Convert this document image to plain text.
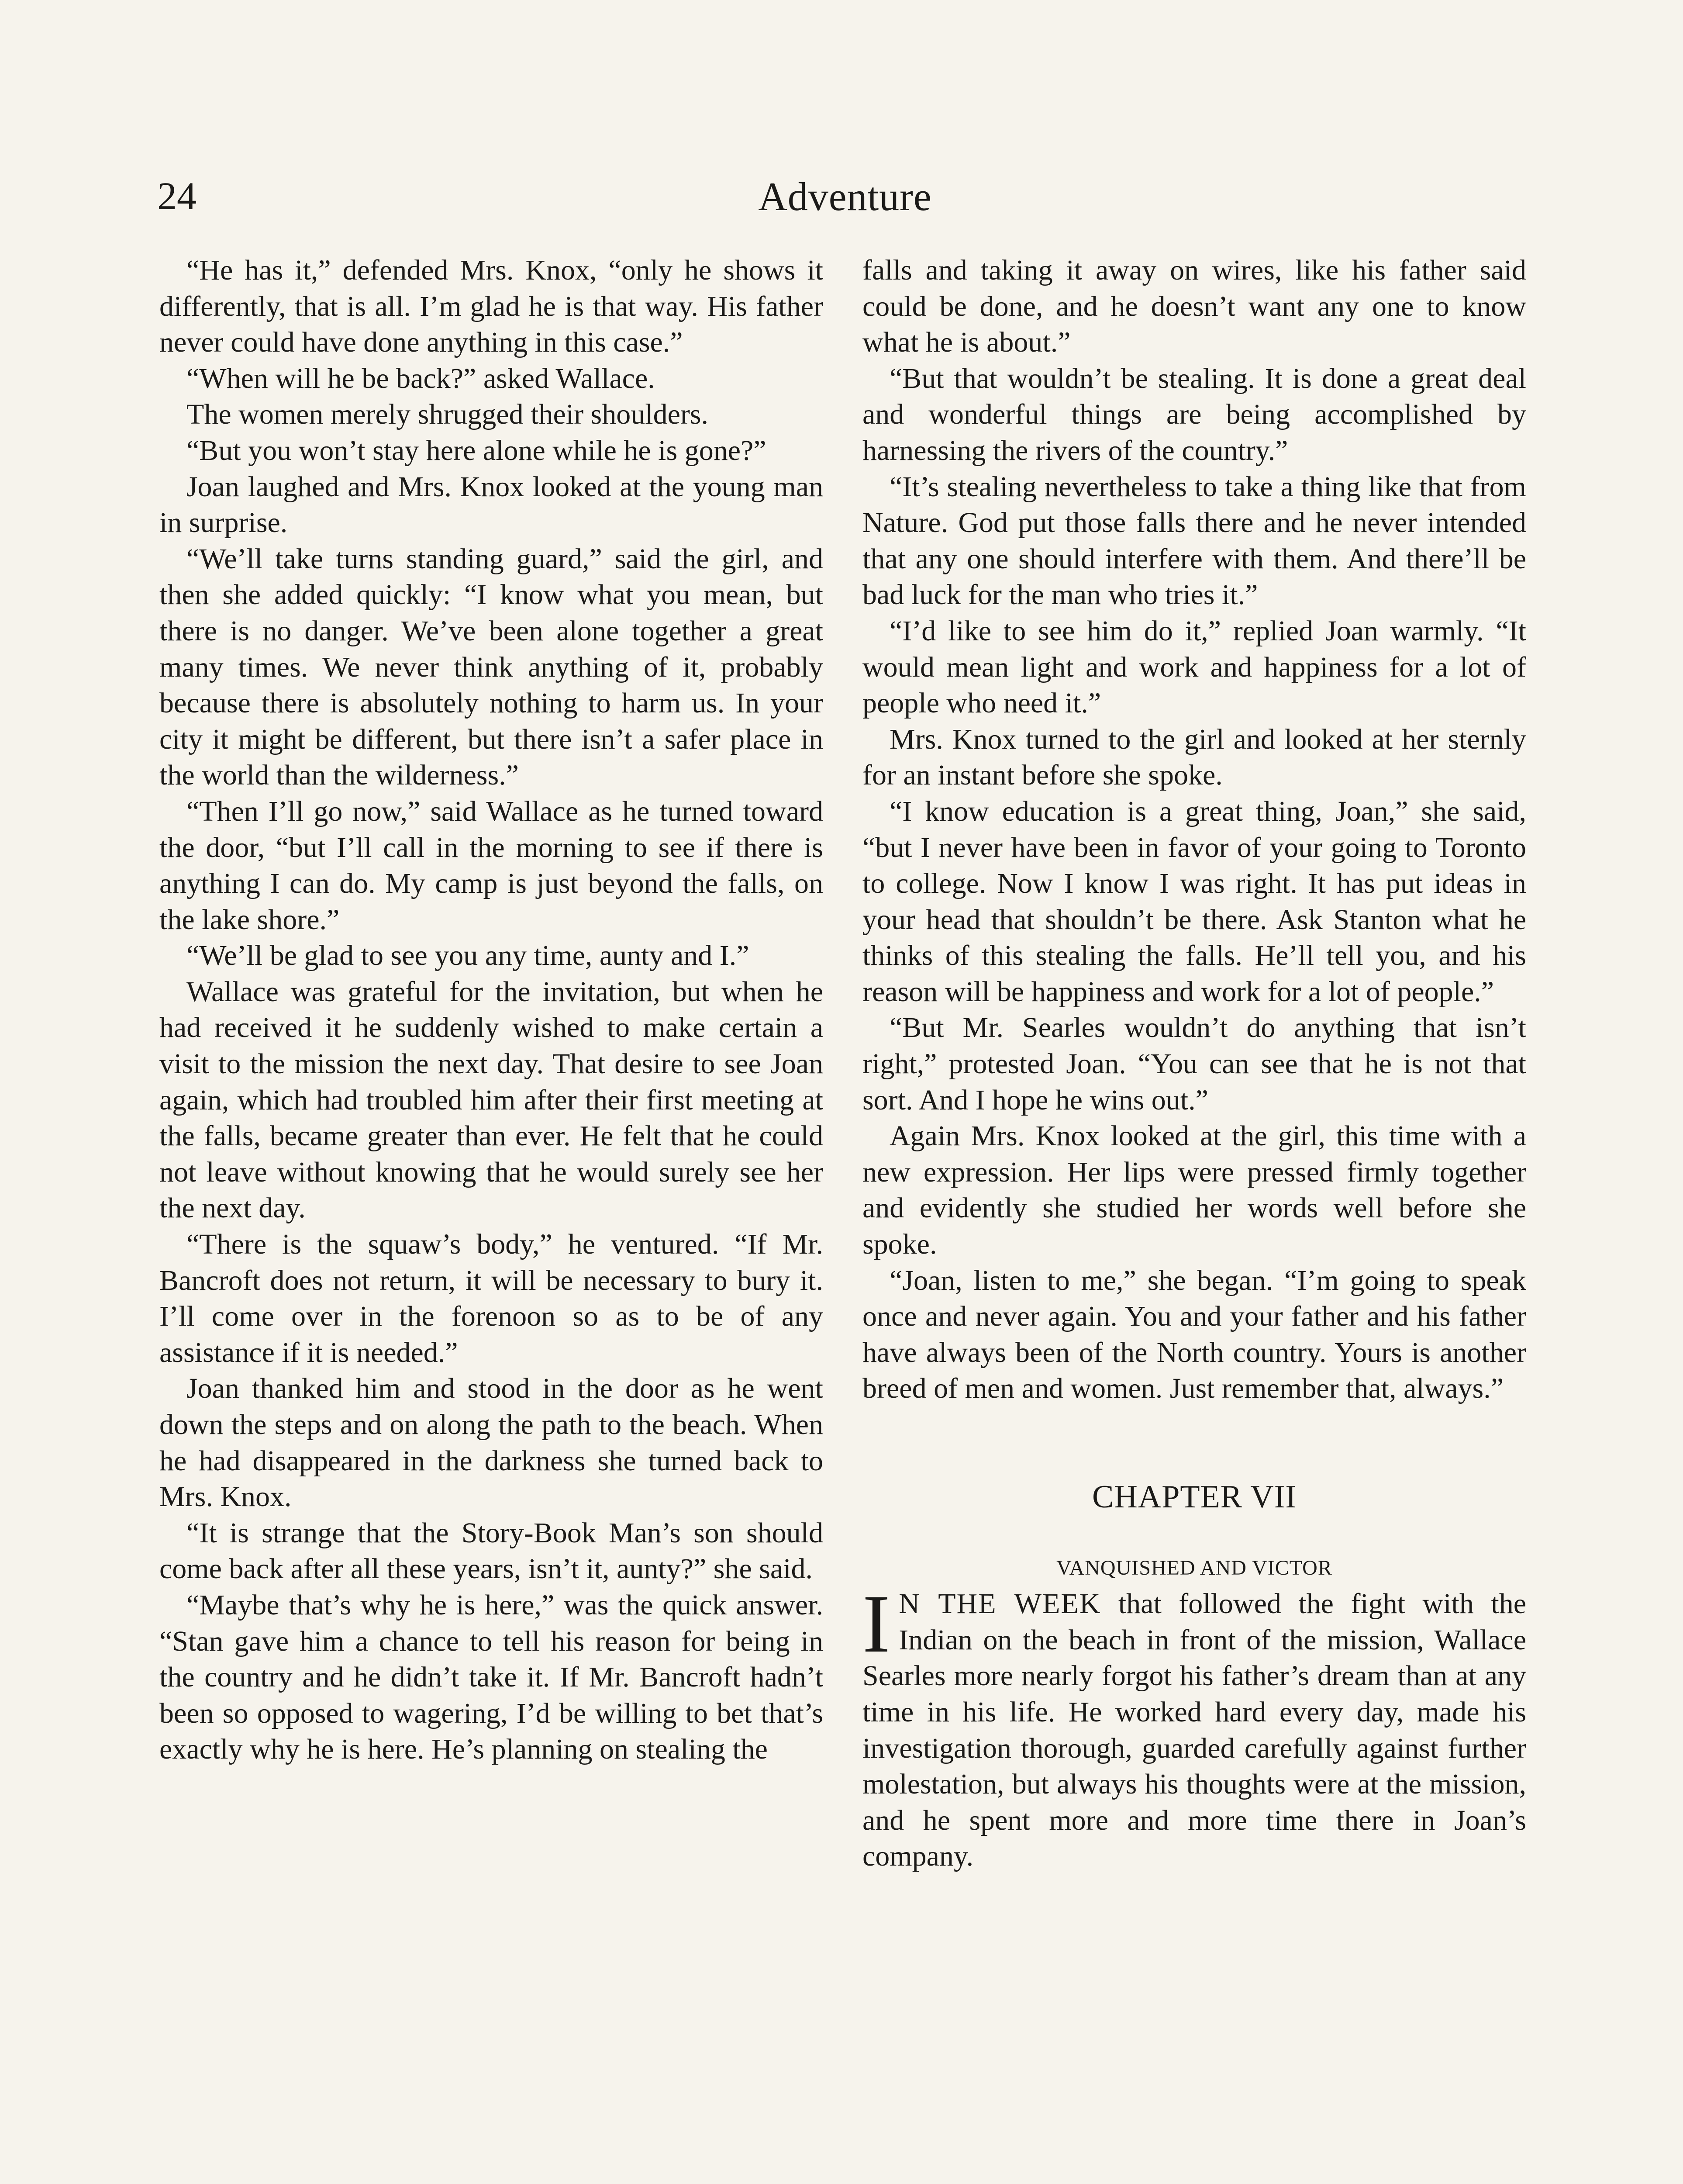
24	Adventure

“He has it,” defended Mrs. Knox, “only he shows it differently, that is all. I’m glad he is that way. His father never could have done anything in this case.”

“When will he be back?” asked Wallace.

The women merely shrugged their shoulders.

“But you won’t stay here alone while he is gone?”

Joan laughed and Mrs. Knox looked at the young man in surprise.

“We’ll take turns standing guard,” said the girl, and then she added quickly: “I know what you mean, but there is no danger. We’ve been alone together a great many times. We never think anything of it, probably because there is absolutely nothing to harm us. In your city it might be different, but there isn’t a safer place in the world than the wilderness.”

“Then I’ll go now,” said Wallace as he turned toward the door, “but I’ll call in the morning to see if there is anything I can do. My camp is just beyond the falls, on the lake shore.”

“We’ll be glad to see you any time, aunty and I.”

Wallace was grateful for the invitation, but when he had received it he suddenly wished to make certain a visit to the mission the next day. That desire to see Joan again, which had troubled him after their first meeting at the falls, became greater than ever. He felt that he could not leave without knowing that he would surely see her the next day.

“There is the squaw’s body,” he ventured. “If Mr. Bancroft does not return, it will be necessary to bury it. I’ll come over in the forenoon so as to be of any assistance if it is needed.”

Joan thanked him and stood in the door as he went down the steps and on along the path to the beach. When he had disappeared in the darkness she turned back to Mrs. Knox.

“It is strange that the Story-Book Man’s son should come back after all these years, isn’t it, aunty?” she said.

“Maybe that’s why he is here,” was the quick answer. “Stan gave him a chance to tell his reason for being in the country and he didn’t take it. If Mr. Bancroft hadn’t been so opposed to wagering, I’d be willing to bet that’s exactly why he is here. He’s planning on stealing the

falls and taking it away on wires, like his father said could be done, and he doesn’t want any one to know what he is about.”

“But that wouldn’t be stealing. It is done a great deal and wonderful things are being accomplished by harnessing the rivers of the country.”

“It’s stealing nevertheless to take a thing like that from Nature. God put those falls there and he never intended that any one should interfere with them. And there’ll be bad luck for the man who tries it.”

“I’d like to see him do it,” replied Joan warmly. “It would mean light and work and happiness for a lot of people who need it.”

Mrs. Knox turned to the girl and looked at her sternly for an instant before she spoke.

“I know education is a great thing, Joan,” she said, “but I never have been in favor of your going to Toronto to college. Now I know I was right. It has put ideas in your head that shouldn’t be there. Ask Stanton what he thinks of this stealing the falls. He’ll tell you, and his reason will be happiness and work for a lot of people.”

“But Mr. Searles wouldn’t do anything that isn’t right,” protested Joan. “You can see that he is not that sort. And I hope he wins out.”

Again Mrs. Knox looked at the girl, this time with a new expression. Her lips were pressed firmly together and evidently she studied her words well before she spoke.

“Joan, listen to me,” she began. “I’m going to speak once and never again. You and your father and his father have always been of the North country. Yours is another breed of men and women. Just remember that, always.”

CHAPTER VII
VANQUISHED AND VICTOR

I N THE WEEK that followed the fight with the Indian on the beach in front of the mission, Wallace Searles more nearly forgot his father’s dream than at any time in his life. He worked hard every day, made his investigation thorough, guarded carefully against further molestation, but always his thoughts were at the mission, and he spent more and more time there in Joan’s company.
